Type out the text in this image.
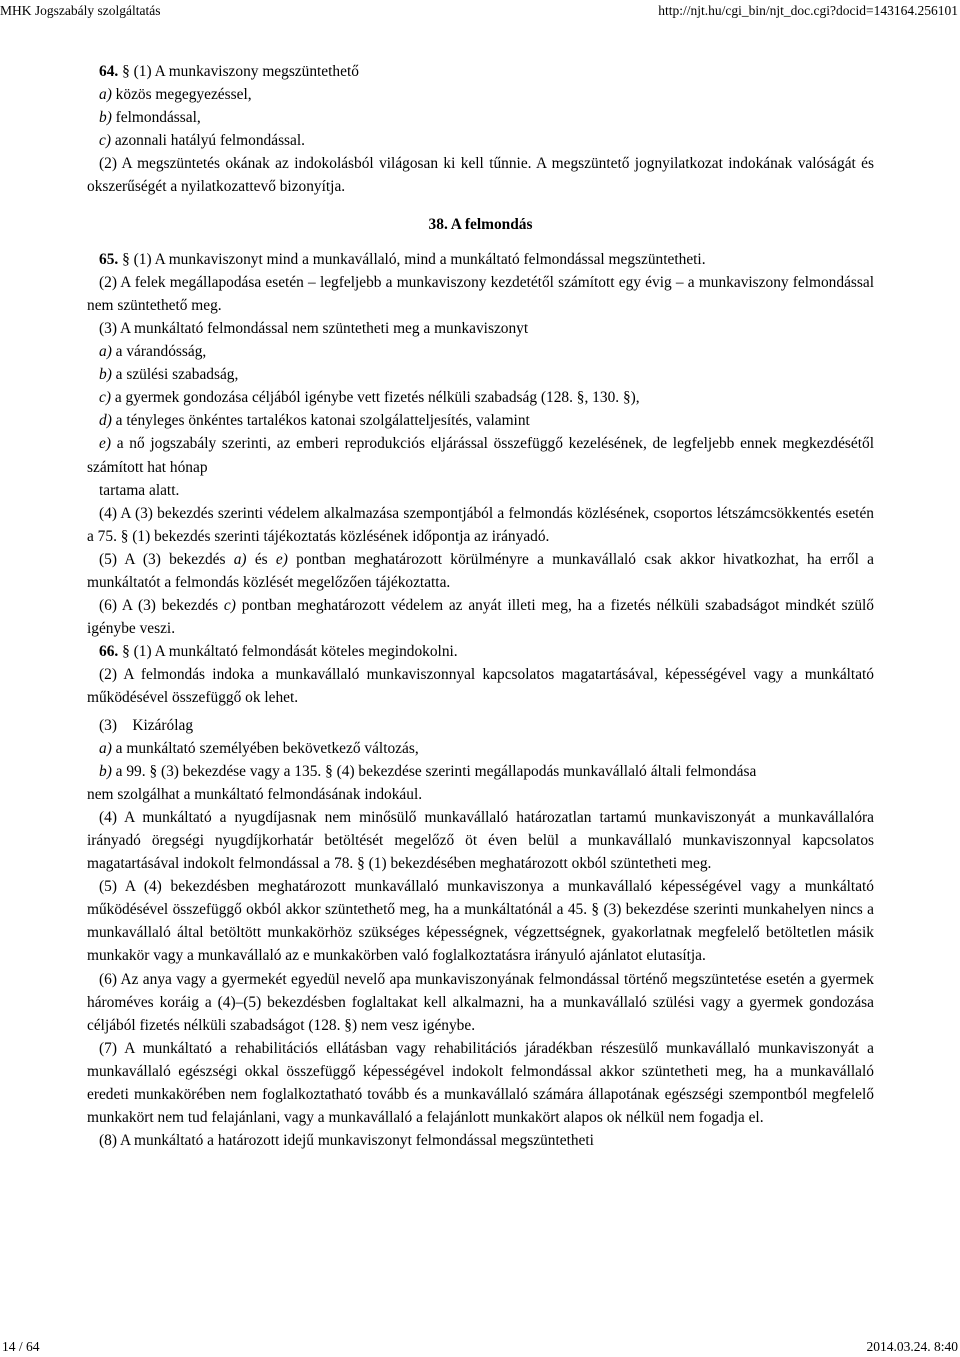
MHK Jogszabály szolgáltatás	http://njt.hu/cgi_bin/njt_doc.cgi?docid=143164.256101

64. § (1) A munkaviszony megszüntethető

a) közös megegyezéssel,

b) felmondással,

c) azonnali hatályú felmondással.

(2) A megszüntetés okának az indokolásból világosan ki kell tűnnie. A megszüntető jognyilatkozat indokának valóságát és okszerűségét a nyilatkozattevő bizonyítja.

38. A felmondás

65. § (1) A munkaviszonyt mind a munkavállaló, mind a munkáltató felmondással megszüntetheti.

(2) A felek megállapodása esetén – legfeljebb a munkaviszony kezdetétől számított egy évig – a munkaviszony felmondással nem szüntethető meg.

(3) A munkáltató felmondással nem szüntetheti meg a munkaviszonyt

a) a várandósság,

b) a szülési szabadság,

c) a gyermek gondozása céljából igénybe vett fizetés nélküli szabadság (128. §, 130. §),

d) a tényleges önkéntes tartalékos katonai szolgálatteljesítés, valamint

e) a nő jogszabály szerinti, az emberi reprodukciós eljárással összefüggő kezelésének, de legfeljebb ennek megkezdésétől számított hat hónap

tartama alatt.

(4) A (3) bekezdés szerinti védelem alkalmazása szempontjából a felmondás közlésének, csoportos létszámcsökkentés esetén a 75. § (1) bekezdés szerinti tájékoztatás közlésének időpontja az irányadó.

(5) A (3) bekezdés a) és e) pontban meghatározott körülményre a munkavállaló csak akkor hivatkozhat, ha erről a munkáltatót a felmondás közlését megelőzően tájékoztatta.

(6) A (3) bekezdés c) pontban meghatározott védelem az anyát illeti meg, ha a fizetés nélküli szabadságot mindkét szülő igénybe veszi.

66. § (1) A munkáltató felmondását köteles megindokolni.

(2) A felmondás indoka a munkavállaló munkaviszonnyal kapcsolatos magatartásával, képességével vagy a munkáltató működésével összefüggő ok lehet.

(3)    Kizárólag

a) a munkáltató személyében bekövetkező változás,

b) a 99. § (3) bekezdése vagy a 135. § (4) bekezdése szerinti megállapodás munkavállaló általi felmondása

nem szolgálhat a munkáltató felmondásának indokául.

(4) A munkáltató a nyugdíjasnak nem minősülő munkavállaló határozatlan tartamú munkaviszonyát a munkavállalóra irányadó öregségi nyugdíjkorhatár betöltését megelőző öt éven belül a munkavállaló munkaviszonnyal kapcsolatos magatartásával indokolt felmondással a 78. § (1) bekezdésében meghatározott okból szüntetheti meg.

(5) A (4) bekezdésben meghatározott munkavállaló munkaviszonya a munkavállaló képességével vagy a munkáltató működésével összefüggő okból akkor szüntethető meg, ha a munkáltatónál a 45. § (3) bekezdése szerinti munkahelyen nincs a munkavállaló által betöltött munkakörhöz szükséges képességnek, végzettségnek, gyakorlatnak megfelelő betöltetlen másik munkakör vagy a munkavállaló az e munkakörben való foglalkoztatásra irányuló ajánlatot elutasítja.

(6) Az anya vagy a gyermekét egyedül nevelő apa munkaviszonyának felmondással történő megszüntetése esetén a gyermek hároméves koráig a (4)–(5) bekezdésben foglaltakat kell alkalmazni, ha a munkavállaló szülési vagy a gyermek gondozása céljából fizetés nélküli szabadságot (128. §) nem vesz igénybe.

(7) A munkáltató a rehabilitációs ellátásban vagy rehabilitációs járadékban részesülő munkavállaló munkaviszonyát a munkavállaló egészségi okkal összefüggő képességével indokolt felmondással akkor szüntetheti meg, ha a munkavállaló eredeti munkakörében nem foglalkoztatható tovább és a munkavállaló számára állapotának egészségi szempontból megfelelő munkakört nem tud felajánlani, vagy a munkavállaló a felajánlott munkakört alapos ok nélkül nem fogadja el.

(8) A munkáltató a határozott idejű munkaviszonyt felmondással megszüntetheti

14 / 64	2014.03.24. 8:40
